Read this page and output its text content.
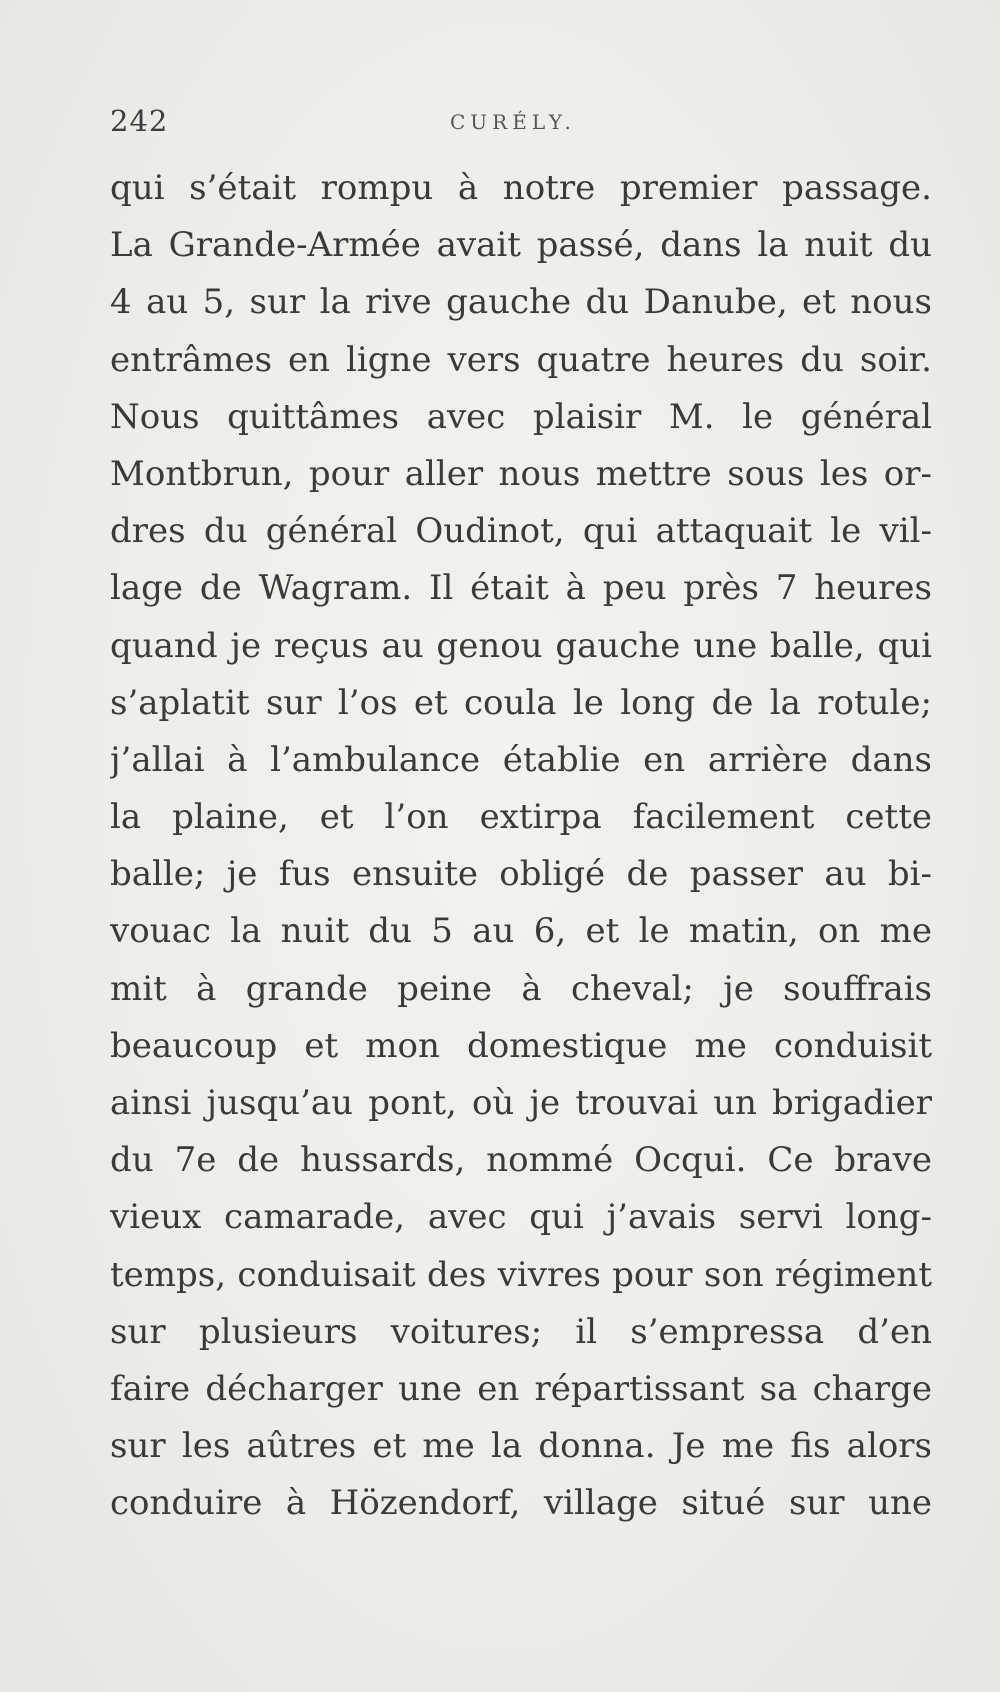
242	CURÉLY.
qui s’était rompu à notre premier passage.
La Grande-Armée avait passé, dans la nuit du
4 au 5, sur la rive gauche du Danube, et nous
entrâmes en ligne vers quatre heures du soir.
Nous quittâmes avec plaisir M. le général
Montbrun, pour aller nous mettre sous les or-
dres du général Oudinot, qui attaquait le vil-
lage de Wagram. Il était à peu près 7 heures
quand je reçus au genou gauche une balle, qui
s’aplatit sur l’os et coula le long de la rotule;
j’allai à l’ambulance établie en arrière dans
la plaine, et l’on extirpa facilement cette
balle; je fus ensuite obligé de passer au bi-
vouac la nuit du 5 au 6, et le matin, on me
mit à grande peine à cheval; je souffrais
beaucoup et mon domestique me conduisit
ainsi jusqu’au pont, où je trouvai un brigadier
du 7e de hussards, nommé Ocqui. Ce brave
vieux camarade, avec qui j’avais servi long-
temps, conduisait des vivres pour son régiment
sur plusieurs voitures; il s’empressa d’en
faire décharger une en répartissant sa charge
sur les aûtres et me la donna. Je me fis alors
conduire à Hözendorf, village situé sur une
